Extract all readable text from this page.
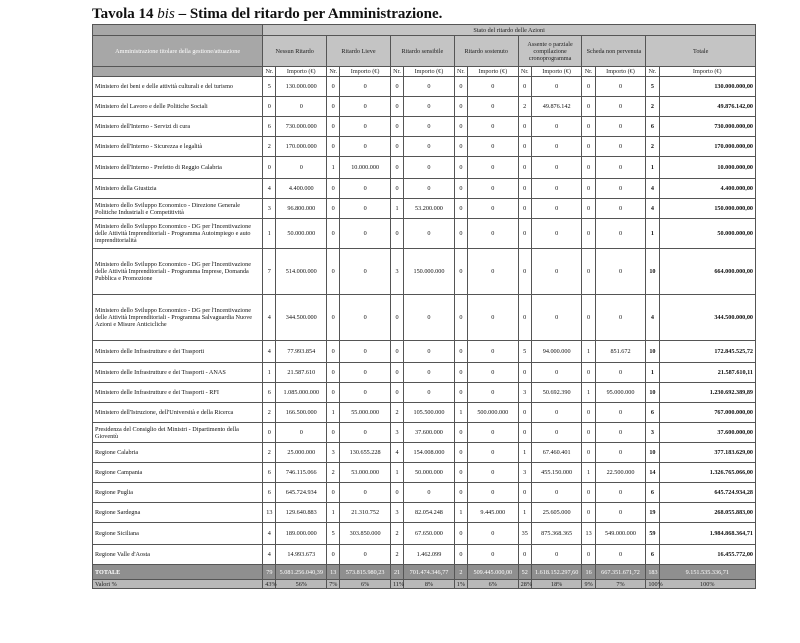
Tavola 14 bis – Stima del ritardo per Amministrazione.
	Stato del ritardo delle Azioni													
Amministrazione titolare della gestione/attuazione	Nessun Ritardo		Ritardo Lieve		Ritardo sensibile		Ritardo sostenuto		Assente o parziale compilazione cronoprogramma		Scheda non pervenuta		Totale	
	Nr.	Importo (€)	Nr.	Importo (€)	Nr.	Importo (€)	Nr.	Importo (€)	Nr.	Importo (€)	Nr.	Importo (€)	Nr.	Importo (€)
Ministero dei beni e delle attività culturali e del turismo	5	130.000.000	0	0	0	0	0	0	0	0	0	0	5	130.000.000,00
Ministero del Lavoro e delle Politiche Sociali	0	0	0	0	0	0	0	0	2	49.876.142	0	0	2	49.876.142,00
Ministero dell'Interno - Servizi di cura	6	730.000.000	0	0	0	0	0	0	0	0	0	0	6	730.000.000,00
Ministero dell'Interno - Sicurezza e legalità	2	170.000.000	0	0	0	0	0	0	0	0	0	0	2	170.000.000,00
Ministero dell'Interno - Prefetto di Reggio Calabria	0	0	1	10.000.000	0	0	0	0	0	0	0	0	1	10.000.000,00
Ministero della Giustizia	4	4.400.000	0	0	0	0	0	0	0	0	0	0	4	4.400.000,00
Ministero dello Sviluppo Economico - Direzione Generale Politiche Industriali e Competitività	3	96.800.000	0	0	1	53.200.000	0	0	0	0	0	0	4	150.000.000,00
Ministero dello Sviluppo Economico - DG per l'Incentivazione delle Attività Imprenditoriali - Programma Autoimpiego e auto imprenditorialità	1	50.000.000	0	0	0	0	0	0	0	0	0	0	1	50.000.000,00
Ministero dello Sviluppo Economico - DG per l'Incentivazione delle Attività Imprenditoriali - Programma Imprese, Domanda Pubblica e Promozione	7	514.000.000	0	0	3	150.000.000	0	0	0	0	0	0	10	664.000.000,00
Ministero dello Sviluppo Economico - DG per l'Incentivazione delle Attività Imprenditoriali - Programma Salvaguardia Nuove Azioni e Misure Anticicliche	4	344.500.000	0	0	0	0	0	0	0	0	0	0	4	344.500.000,00
Ministero delle Infrastrutture e dei Trasporti	4	77.993.854	0	0	0	0	0	0	5	94.000.000	1	851.672	10	172.845.525,72
Ministero delle Infrastrutture e dei Trasporti - ANAS	1	21.587.610	0	0	0	0	0	0	0	0	0	0	1	21.587.610,11
Ministero delle Infrastrutture e dei Trasporti - RFI	6	1.085.000.000	0	0	0	0	0	0	3	50.692.390	1	95.000.000	10	1.230.692.389,89
Ministero dell'Istruzione, dell'Università e della Ricerca	2	166.500.000	1	55.000.000	2	105.500.000	1	500.000.000	0	0	0	0	6	767.000.000,00
Presidenza del Consiglio dei Ministri - Dipartimento della Gioventù	0	0	0	0	3	37.600.000	0	0	0	0	0	0	3	37.600.000,00
Regione Calabria	2	25.000.000	3	130.655.228	4	154.008.000	0	0	1	67.460.401	0	0	10	377.183.629,00
Regione Campania	6	746.115.066	2	53.000.000	1	50.000.000	0	0	3	455.150.000	1	22.500.000	14	1.326.765.066,00
Regione Puglia	6	645.724.934	0	0	0	0	0	0	0	0	0	0	6	645.724.934,28
Regione Sardegna	13	129.640.883	1	21.310.752	3	82.054.248	1	9.445.000	1	25.605.000	0	0	19	268.055.883,00
Regione Siciliana	4	189.000.000	5	303.850.000	2	67.650.000	0	0	35	875.368.365	13	549.000.000	59	1.984.868.364,71
Regione Valle d'Aosta	4	14.993.673	0	0	2	1.462.099	0	0	0	0	0	0	6	16.455.772,00
TOTALE	79	5.081.256.040,39	13	573.815.980,23	21	701.474.346,77	2	509.445.000,00	52	1.618.152.297,60	16	667.351.671,72	183	9.151.535.336,71
Valori %	43%	56%	7%	6%	11%	8%	1%	6%	28%	18%	9%	7%	100%	100%
